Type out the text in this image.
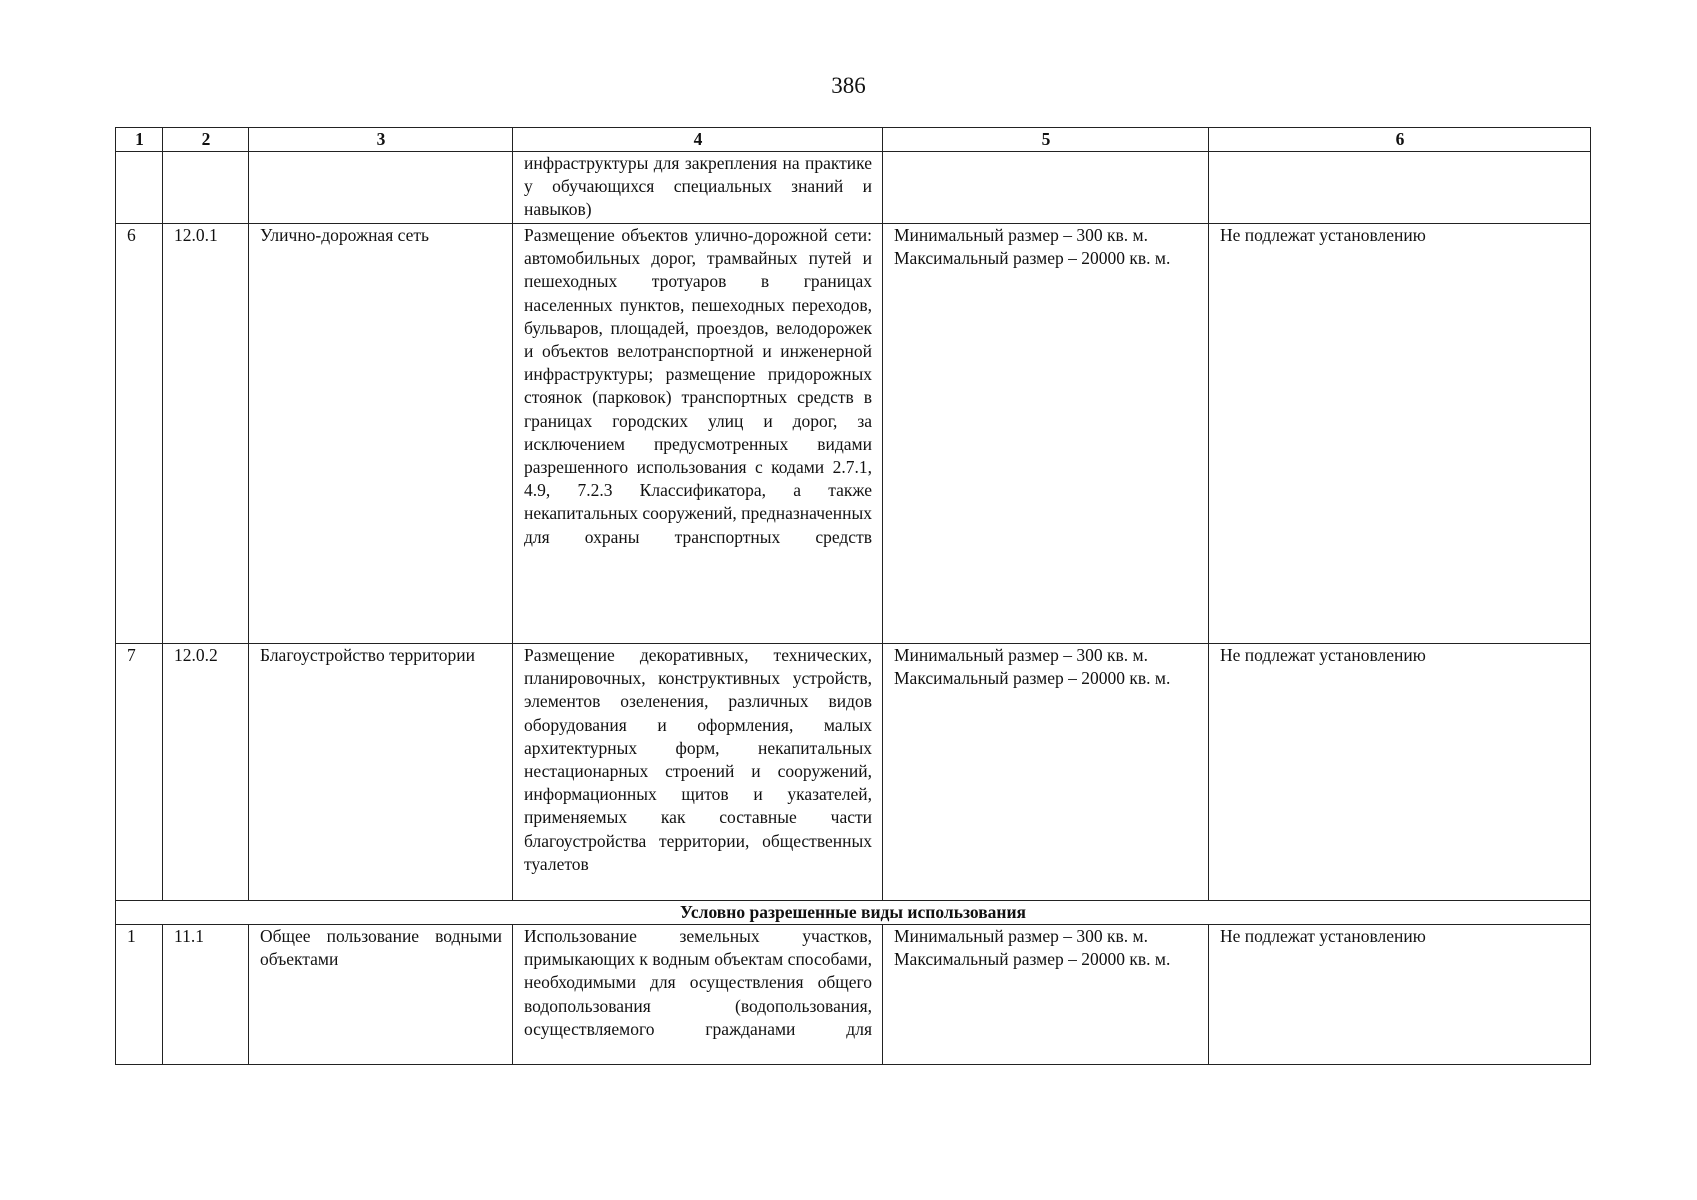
386
1	2	3	4	5	6
			инфраструктуры для закрепления на практике у обучающихся специальных знаний и навыков)		
6	12.0.1	Улично-дорожная сеть	Размещение объектов улично-дорожной сети: автомобильных дорог, трамвайных путей и пешеходных тротуаров в границах населенных пунктов, пешеходных переходов, бульваров, площадей, проездов, велодорожек и объектов велотранспортной и инженерной инфраструктуры; размещение придорожных стоянок (парковок) транспортных средств в границах городских улиц и дорог, за исключением предусмотренных видами разрешенного использования с кодами 2.7.1, 4.9, 7.2.3 Классификатора, а также некапитальных сооружений, предназначенных для охраны транспортных средств	Минимальный размер – 300 кв. м. Максимальный размер – 20000 кв. м.	Не подлежат установлению
7	12.0.2	Благоустройство территории	Размещение декоративных, технических, планировочных, конструктивных устройств, элементов озеленения, различных видов оборудования и оформления, малых архитектурных форм, некапитальных нестационарных строений и сооружений, информационных щитов и указателей, применяемых как составные части благоустройства территории, общественных туалетов	Минимальный размер – 300 кв. м. Максимальный размер – 20000 кв. м.	Не подлежат установлению
Условно разрешенные виды использования					
1	11.1	Общее пользование водными объектами	Использование земельных участков, примыкающих к водным объектам способами, необходимыми для осуществления общего водопользования (водопользования, осуществляемого гражданами для	Минимальный размер – 300 кв. м. Максимальный размер – 20000 кв. м.	Не подлежат установлению
